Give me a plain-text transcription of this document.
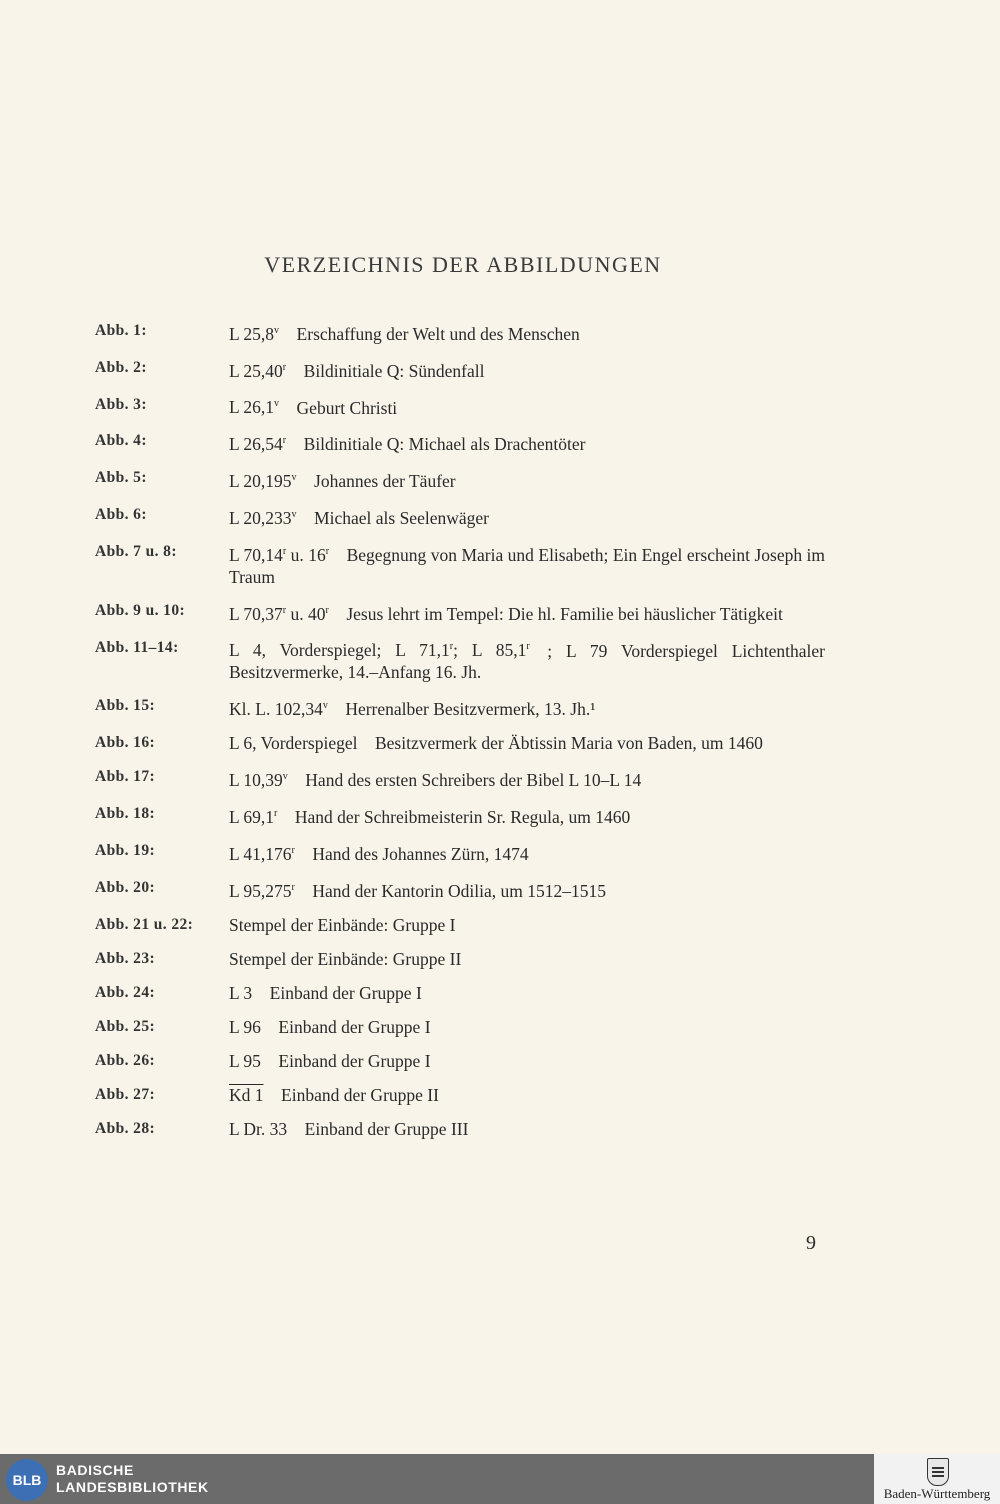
VERZEICHNIS DER ABBILDUNGEN
Abb. 1:	L 25,8$^v$  Erschaffung der Welt und des Menschen
Abb. 2:	L 25,40$^r$  Bildinitiale Q: Sündenfall
Abb. 3:	L 26,1$^v$  Geburt Christi
Abb. 4:	L 26,54$^r$  Bildinitiale Q: Michael als Drachentöter
Abb. 5:	L 20,195$^v$  Johannes der Täufer
Abb. 6:	L 20,233$^v$  Michael als Seelenwäger
Abb. 7 u. 8:	L 70,14$^r$ u. 16$^r$  Begegnung von Maria und Elisabeth; Ein Engel erscheint Joseph im Traum
Abb. 9 u. 10:	L 70,37$^r$ u. 40$^r$  Jesus lehrt im Tempel: Die hl. Familie bei häuslicher Tätigkeit
Abb. 11–14:	L 4, Vorderspiegel; L 71,1$^r$; L 85,1$^r$  ; L 79 Vorderspiegel Lichtenthaler Besitzvermerke, 14.–Anfang 16. Jh.
Abb. 15:	Kl. L. 102,34$^v$  Herrenalber Besitzvermerk, 13. Jh.¹
Abb. 16:	L 6, Vorderspiegel  Besitzvermerk der Äbtissin Maria von Baden, um 1460
Abb. 17:	L 10,39$^v$  Hand des ersten Schreibers der Bibel L 10–L 14
Abb. 18:	L 69,1$^r$  Hand der Schreibmeisterin Sr. Regula, um 1460
Abb. 19:	L 41,176$^r$  Hand des Johannes Zürn, 1474
Abb. 20:	L 95,275$^r$  Hand der Kantorin Odilia, um 1512–1515
Abb. 21 u. 22:	Stempel der Einbände: Gruppe I
Abb. 23:	Stempel der Einbände: Gruppe II
Abb. 24:	L 3  Einband der Gruppe I
Abb. 25:	L 96  Einband der Gruppe I
Abb. 26:	L 95  Einband der Gruppe I
Abb. 27:	Kd 1  Einband der Gruppe II
Abb. 28:	L Dr. 33  Einband der Gruppe III
9
BLB
BADISCHE
LANDESBIBLIOTHEK	Baden-Württemberg
